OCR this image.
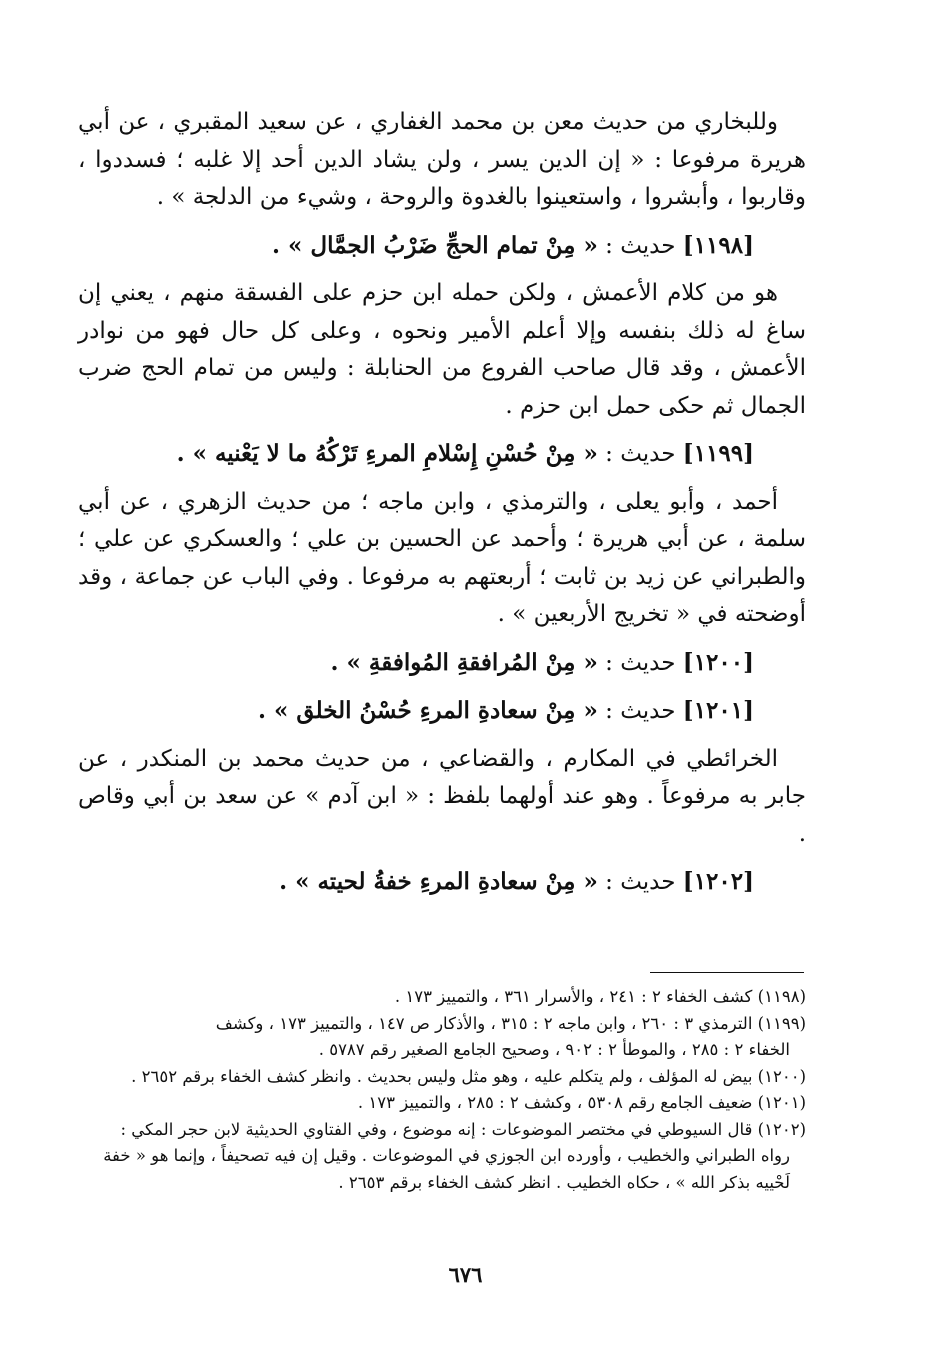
وللبخاري من حديث معن بن محمد الغفاري ، عن سعيد المقبري ، عن أبي هريرة مرفوعا : « إن الدين يسر ، ولن يشاد الدين أحد إلا غلبه ؛ فسددوا ، وقاربوا ، وأبشروا ، واستعينوا بالغدوة والروحة ، وشيء من الدلجة » .

[١١٩٨] حديث : « مِنْ تمام الحجِّ ضَرْبُ الجمَّال » .

هو من كلام الأعمش ، ولكن حمله ابن حزم على الفسقة منهم ، يعني إن ساغ له ذلك بنفسه وإلا أعلم الأمير ونحوه ، وعلى كل حال فهو من نوادر الأعمش ، وقد قال صاحب الفروع من الحنابلة : وليس من تمام الحج ضرب الجمال ثم حكى حمل ابن حزم .

[١١٩٩] حديث : « مِنْ حُسْنِ إِسْلامِ المرءِ تَرْكُهُ ما لا يَعْنيه » .

أحمد ، وأبو يعلى ، والترمذي ، وابن ماجه ؛ من حديث الزهري ، عن أبي سلمة ، عن أبي هريرة ؛ وأحمد عن الحسين بن علي ؛ والعسكري عن علي ؛ والطبراني عن زيد بن ثابت ؛ أربعتهم به مرفوعا . وفي الباب عن جماعة ، وقد أوضحته في « تخريج الأربعين » .

[١٢٠٠] حديث : « مِنْ المُرافقةِ المُوافقةِ » .
[١٢٠١] حديث : « مِنْ سعادةِ المرءِ حُسْنُ الخلق » .

الخرائطي في المكارم ، والقضاعي ، من حديث محمد بن المنكدر ، عن جابر به مرفوعاً . وهو عند أولهما بلفظ : « ابن آدم » عن سعد بن أبي وقاص .

[١٢٠٢] حديث : « مِنْ سعادةِ المرءِ خفةُ لحيته » .

(١١٩٨) كشف الخفاء ٢ : ٢٤١ ، والأسرار ٣٦١ ، والتمييز ١٧٣ .

(١١٩٩) الترمذي ٣ : ٢٦٠ ، وابن ماجه ٢ : ٣١٥ ، والأذكار ص ١٤٧ ، والتمييز ١٧٣ ، وكشف
الخفاء ٢ : ٢٨٥ ، والموطأ ٢ : ٩٠٢ ، وصحيح الجامع الصغير رقم ٥٧٨٧ .

(١٢٠٠) بيض له المؤلف ، ولم يتكلم عليه ، وهو مثل وليس بحديث . وانظر كشف الخفاء برقم ٢٦٥٢ .

(١٢٠١) ضعيف الجامع رقم ٥٣٠٨ ، وكشف ٢ : ٢٨٥ ، والتمييز ١٧٣ .

(١٢٠٢) قال السيوطي في مختصر الموضوعات : إنه موضوع ، وفي الفتاوي الحديثية لابن حجر المكي :
رواه الطبراني والخطيب ، وأورده ابن الجوزي في الموضوعات . وقيل إن فيه تصحيفاً ، وإنما هو « خفة
لَحْييه بذكر الله » ، حكاه الخطيب . انظر كشف الخفاء برقم ٢٦٥٣ .

٦٧٦
